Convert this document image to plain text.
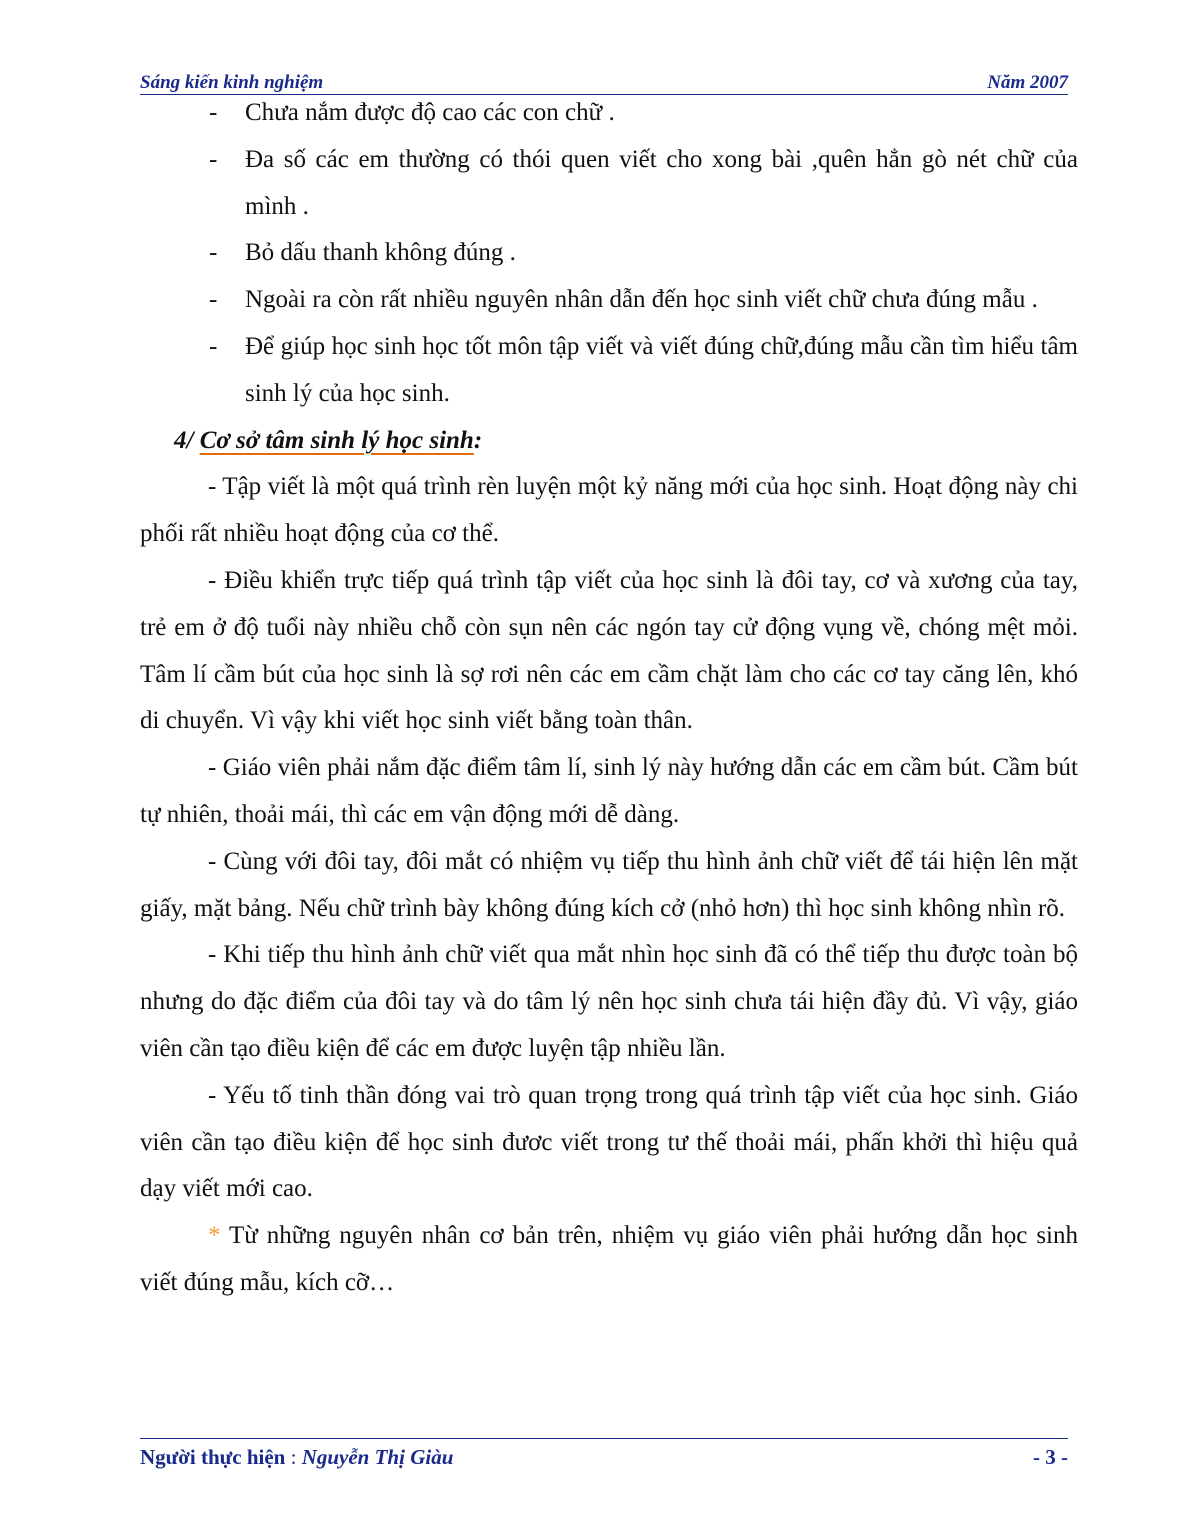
Sáng kiến kinh nghiệm	Năm 2007
- Chưa nắm được độ cao các con chữ .
- Đa số các em thường có thói quen viết cho xong bài ,quên hẳn gò nét chữ của mình .
- Bỏ dấu thanh không đúng .
- Ngoài ra còn rất nhiều nguyên nhân dẫn đến học sinh viết chữ chưa đúng mẫu .
- Để giúp học sinh học tốt môn tập viết và viết đúng chữ,đúng mẫu cần tìm hiểu tâm sinh lý của học sinh.
4/ Cơ sở tâm sinh lý học sinh:
- Tập viết là một quá trình rèn luyện một kỷ năng mới của học sinh. Hoạt động này chi phối rất nhiều hoạt động của cơ thể.
- Điều khiển trực tiếp quá trình tập viết của học sinh là đôi tay, cơ và xương của tay, trẻ em ở độ tuổi này nhiều chỗ còn sụn nên các ngón tay cử động vụng về, chóng mệt mỏi. Tâm lí cầm bút của học sinh là sợ rơi nên các em cầm chặt làm cho các cơ tay căng lên, khó di chuyển. Vì vậy khi viết học sinh viết bằng toàn thân.
- Giáo viên phải nắm đặc điểm tâm lí, sinh lý này hướng dẫn các em cầm bút. Cầm bút tự nhiên, thoải mái, thì các em vận động mới dễ dàng.
- Cùng với đôi tay, đôi mắt có nhiệm vụ tiếp thu hình ảnh chữ viết để tái hiện lên mặt giấy, mặt bảng. Nếu chữ trình bày không đúng kích cở (nhỏ hơn) thì học sinh không nhìn rõ.
- Khi tiếp thu hình ảnh chữ viết qua mắt nhìn học sinh đã có thể tiếp thu được toàn bộ nhưng do đặc điểm của đôi tay và do tâm lý nên học sinh chưa tái hiện đầy đủ. Vì vậy, giáo viên cần tạo điều kiện để các em được luyện tập nhiều lần.
- Yếu tố tinh thần đóng vai trò quan trọng trong quá trình tập viết của học sinh. Giáo viên cần tạo điều kiện để học sinh đươc viết trong tư thế thoải mái, phấn khởi thì hiệu quả dạy viết mới cao.
* Từ những nguyên nhân cơ bản trên, nhiệm vụ giáo viên phải hướng dẫn học sinh viết đúng mẫu, kích cỡ…
Người thực hiện : Nguyễn Thị Giàu	- 3 -
